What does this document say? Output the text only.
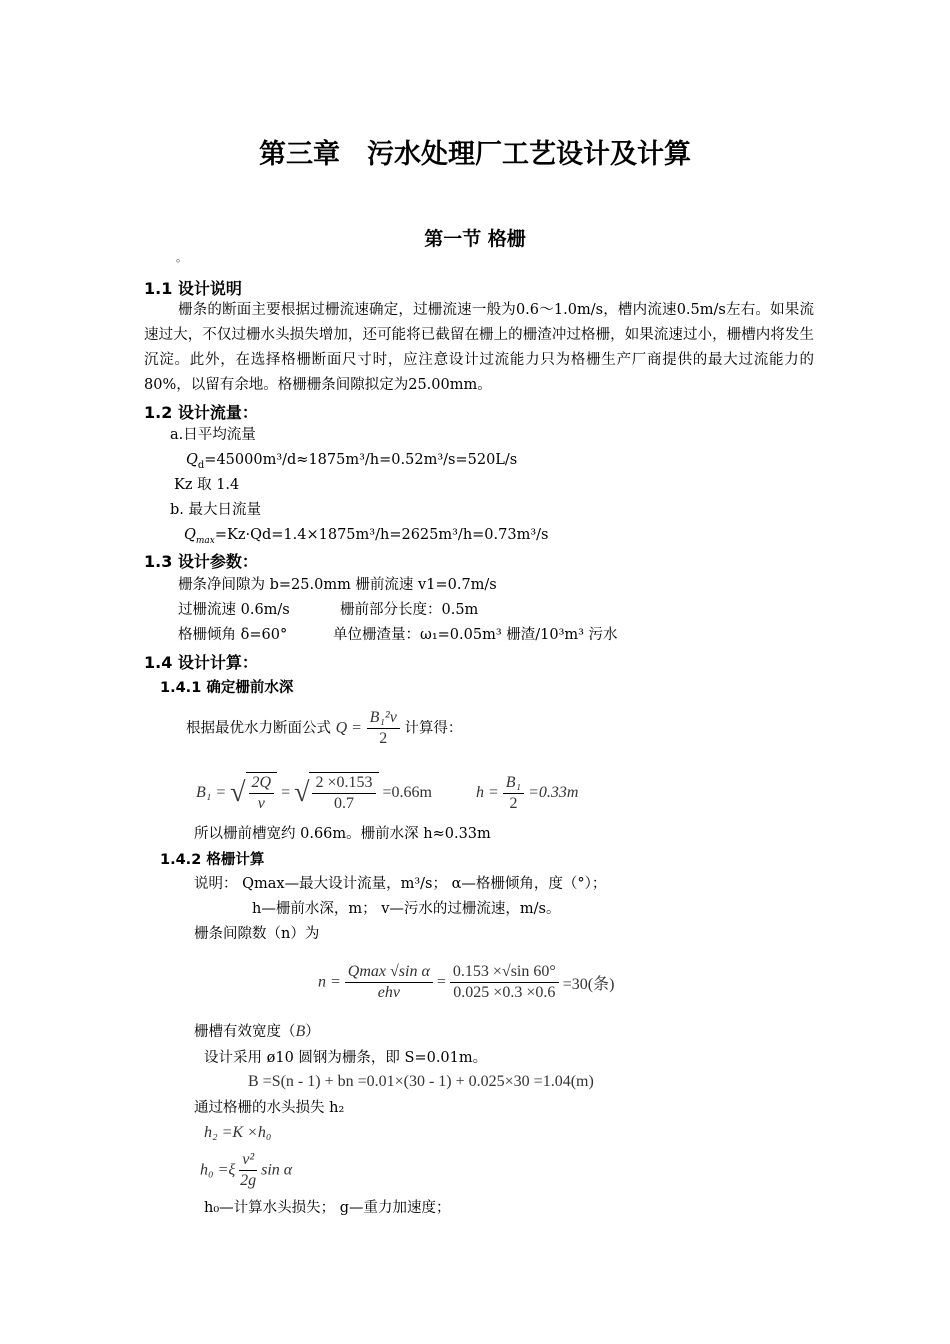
第三章　污水处理厂工艺设计及计算
第一节 格栅
。
1.1 设计说明
栅条的断面主要根据过栅流速确定，过栅流速一般为0.6～1.0m/s，槽内流速0.5m/s左右。如果流速过大，不仅过栅水头损失增加，还可能将已截留在栅上的栅渣冲过格栅，如果流速过小，栅槽内将发生沉淀。此外，在选择格栅断面尺寸时，应注意设计过流能力只为格栅生产厂商提供的最大过流能力的80%，以留有余地。格栅栅条间隙拟定为25.00mm。
1.2 设计流量：
a.日平均流量
$Q_d=45000m^3/d\approx 1875m^3/h=0.52m^3/s=520L/s$
Kz 取 1.4
b. 最大日流量
$Q_{max}=Kz\cdot Qd=1.4\times 1875m^3/h=2625m^3/h=0.73m^3/s$
1.3 设计参数：
栅条净间隙为 b=25.0mm 栅前流速 v1=0.7m/s
过栅流速 0.6m/s	栅前部分长度：0.5m
格栅倾角 δ=60°	单位栅渣量：ω₁=0.05m³ 栅渣/10³m³ 污水
1.4 设计计算：
1.4.1 确定栅前水深
根据最优水力断面公式 $Q = \frac{\text{B₁²v}}{2}$ 计算得：
B₁ = √ $\frac{2Q}{v}$ = √ $\frac{2 \times 0.153}{0.7} =0.66m$	$h = \frac{\text{B₁}}{2} =0.33m$
所以栅前槽宽约 0.66m。栅前水深 h≈0.33m
1.4.2 格栅计算
说明： Qmax—最大设计流量，m³/s； α—格栅倾角，度（°）；
h—栅前水深，m； v—污水的过栅流速，m/s。
栅条间隙数（n）为
$n = \frac{\text{Qmax √sin α}}{\text{ehv}} = \frac{0.153 \times√\sin 60^\circ}{0.025 \times 0.3 \times 0.6} =30$(条)
栅槽有效宽度（B）
设计采用 ø10 圆钢为栅条，即 S=0.01m。
B =S(n - 1) + bn =0.01×(30 - 1) + 0.025×30 =1.04(m)
通过格栅的水头损失 h₂
h₂ =K ×h₀
$h_0 =\xi \frac{\text{v²}}{2g}$ sin α
h₀—计算水头损失； g—重力加速度；
